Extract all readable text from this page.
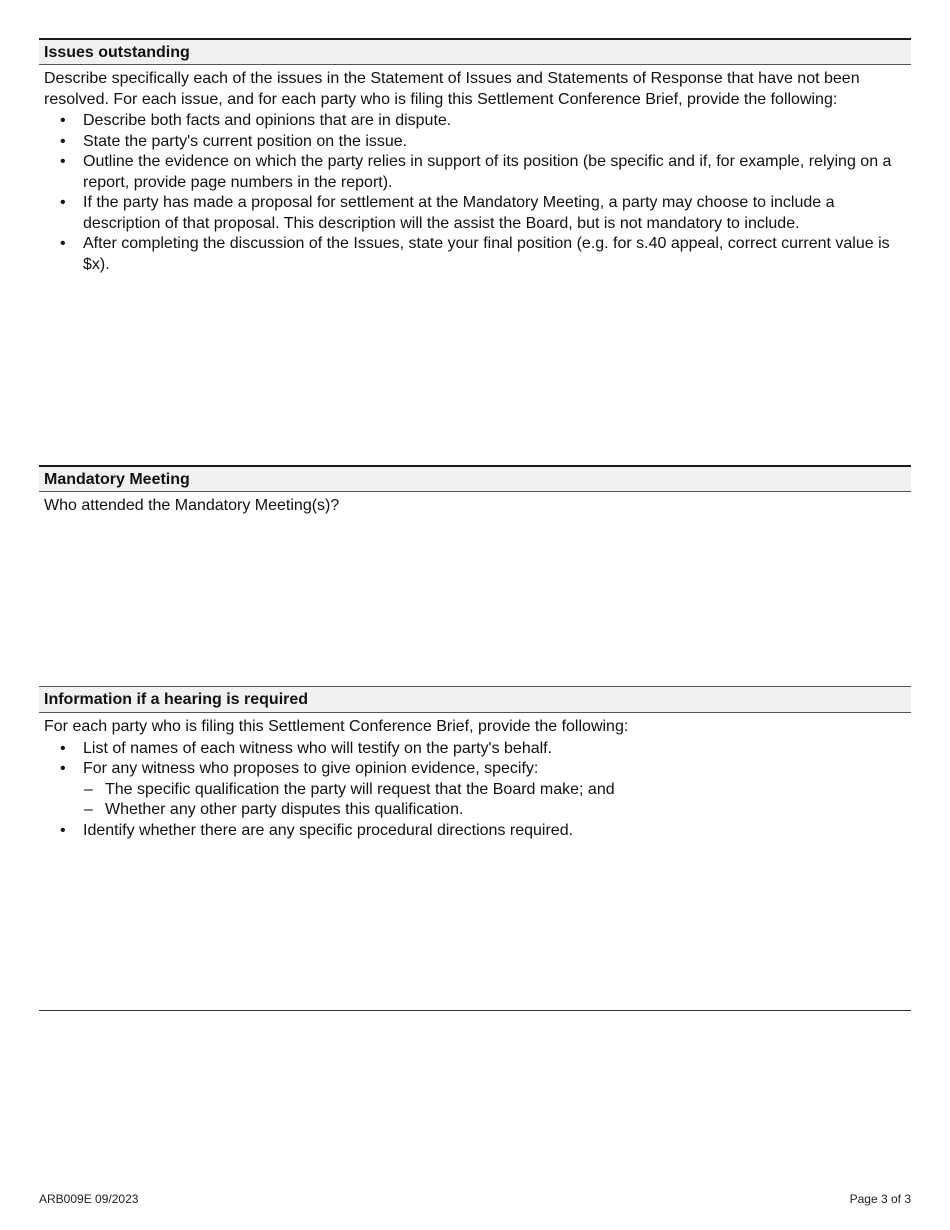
Issues outstanding

Describe specifically each of the issues in the Statement of Issues and Statements of Response that have not been resolved. For each issue, and for each party who is filing this Settlement Conference Brief, provide the following:

• Describe both facts and opinions that are in dispute.
• State the party's current position on the issue.
• Outline the evidence on which the party relies in support of its position (be specific and if, for example, relying on a report, provide page numbers in the report).
• If the party has made a proposal for settlement at the Mandatory Meeting, a party may choose to include a description of that proposal. This description will the assist the Board, but is not mandatory to include.
• After completing the discussion of the Issues, state your final position (e.g. for s.40 appeal, correct current value is $x).
Mandatory Meeting

Who attended the Mandatory Meeting(s)?

Information if a hearing is required

For each party who is filing this Settlement Conference Brief, provide the following:

• List of names of each witness who will testify on the party's behalf.
• For any witness who proposes to give opinion evidence, specify:
– The specific qualification the party will request that the Board make; and
– Whether any other party disputes this qualification.
• Identify whether there are any specific procedural directions required.
ARB009E 09/2023	Page 3 of 3
